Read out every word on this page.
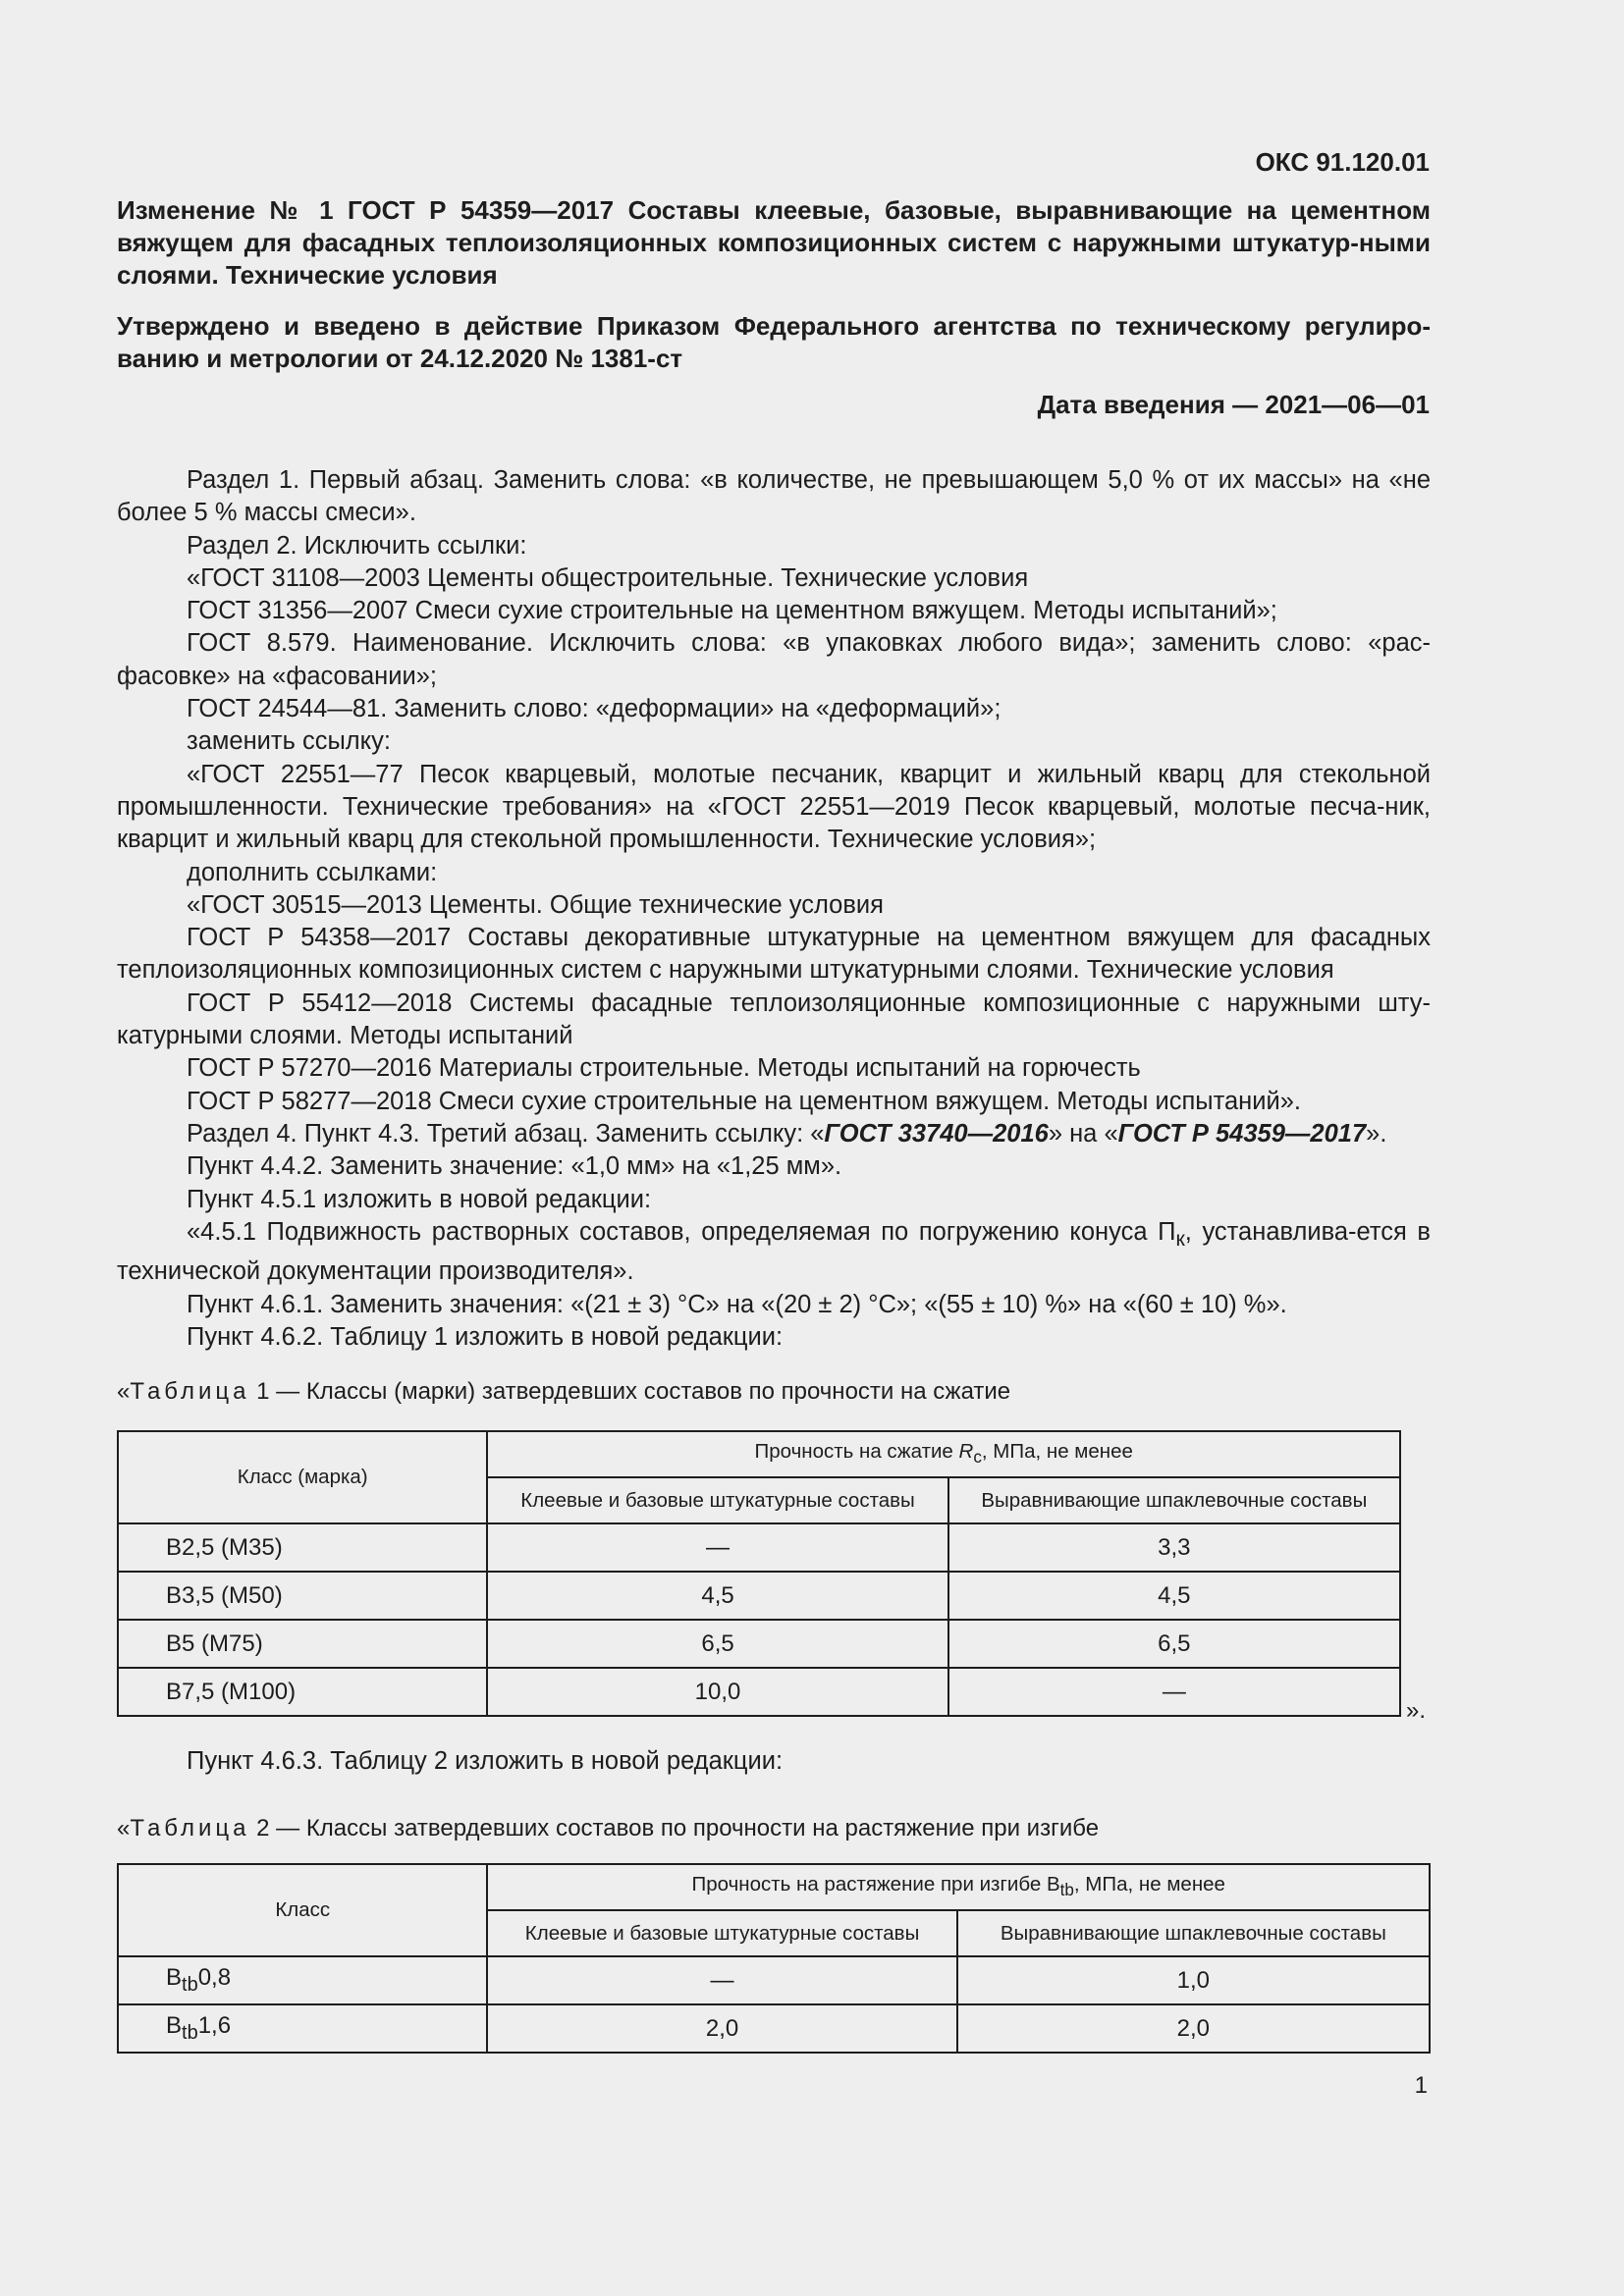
ОКС 91.120.01
Изменение № 1 ГОСТ Р 54359—2017 Составы клеевые, базовые, выравнивающие на цементном вяжущем для фасадных теплоизоляционных композиционных систем с наружными штукатур-ными слоями. Технические условия
Утверждено и введено в действие Приказом Федерального агентства по техническому регулиро-ванию и метрологии от 24.12.2020 № 1381-ст
Дата введения — 2021—06—01

Раздел 1. Первый абзац. Заменить слова: «в количестве, не превышающем 5,0 % от их массы» на «не более 5 % массы смеси».

Раздел 2. Исключить ссылки:

«ГОСТ 31108—2003 Цементы общестроительные. Технические условия

ГОСТ 31356—2007 Смеси сухие строительные на цементном вяжущем. Методы испытаний»;

ГОСТ 8.579. Наименование. Исключить слова: «в упаковках любого вида»; заменить слово: «рас-фасовке» на «фасовании»;

ГОСТ 24544—81. Заменить слово: «деформации» на «деформаций»;

заменить ссылку:

«ГОСТ 22551—77 Песок кварцевый, молотые песчаник, кварцит и жильный кварц для стекольной промышленности. Технические требования» на «ГОСТ 22551—2019 Песок кварцевый, молотые песча-ник, кварцит и жильный кварц для стекольной промышленности. Технические условия»;

дополнить ссылками:

«ГОСТ 30515—2013 Цементы. Общие технические условия

ГОСТ Р 54358—2017 Составы декоративные штукатурные на цементном вяжущем для фасадных теплоизоляционных композиционных систем с наружными штукатурными слоями. Технические условия

ГОСТ Р 55412—2018 Системы фасадные теплоизоляционные композиционные с наружными шту-катурными слоями. Методы испытаний

ГОСТ Р 57270—2016 Материалы строительные. Методы испытаний на горючесть

ГОСТ Р 58277—2018 Смеси сухие строительные на цементном вяжущем. Методы испытаний».

Раздел 4. Пункт 4.3. Третий абзац. Заменить ссылку: «ГОСТ 33740—2016» на «ГОСТ Р 54359—2017».

Пункт 4.4.2. Заменить значение: «1,0 мм» на «1,25 мм».

Пункт 4.5.1 изложить в новой редакции:

«4.5.1 Подвижность растворных составов, определяемая по погружению конуса $П_к$, устанавлива-ется в технической документации производителя».

Пункт 4.6.1. Заменить значения: «(21 ± 3) °С» на «(20 ± 2) °С»; «(55 ± 10) %» на «(60 ± 10) %».

Пункт 4.6.2. Таблицу 1 изложить в новой редакции:

«Таблица 1 — Классы (марки) затвердевших составов по прочности на сжатие
Класс (марка)	Прочность на сжатие $R_c$, МПа, не менее	
	Клеевые и базовые штукатурные составы	Выравнивающие шпаклевочные составы
В2,5 (М35)	—	3,3
В3,5 (М50)	4,5	4,5
В5 (М75)	6,5	6,5
В7,5 (М100)	10,0	—
».
Пункт 4.6.3. Таблицу 2 изложить в новой редакции:
«Таблица 2 — Классы затвердевших составов по прочности на растяжение при изгибе
Класс	Прочность на растяжение при изгибе $В_{tb}$, МПа, не менее	
	Клеевые и базовые штукатурные составы	Выравнивающие шпаклевочные составы
$В_{tb}0,8$	—	1,0
$В_{tb}1,6$	2,0	2,0
1
